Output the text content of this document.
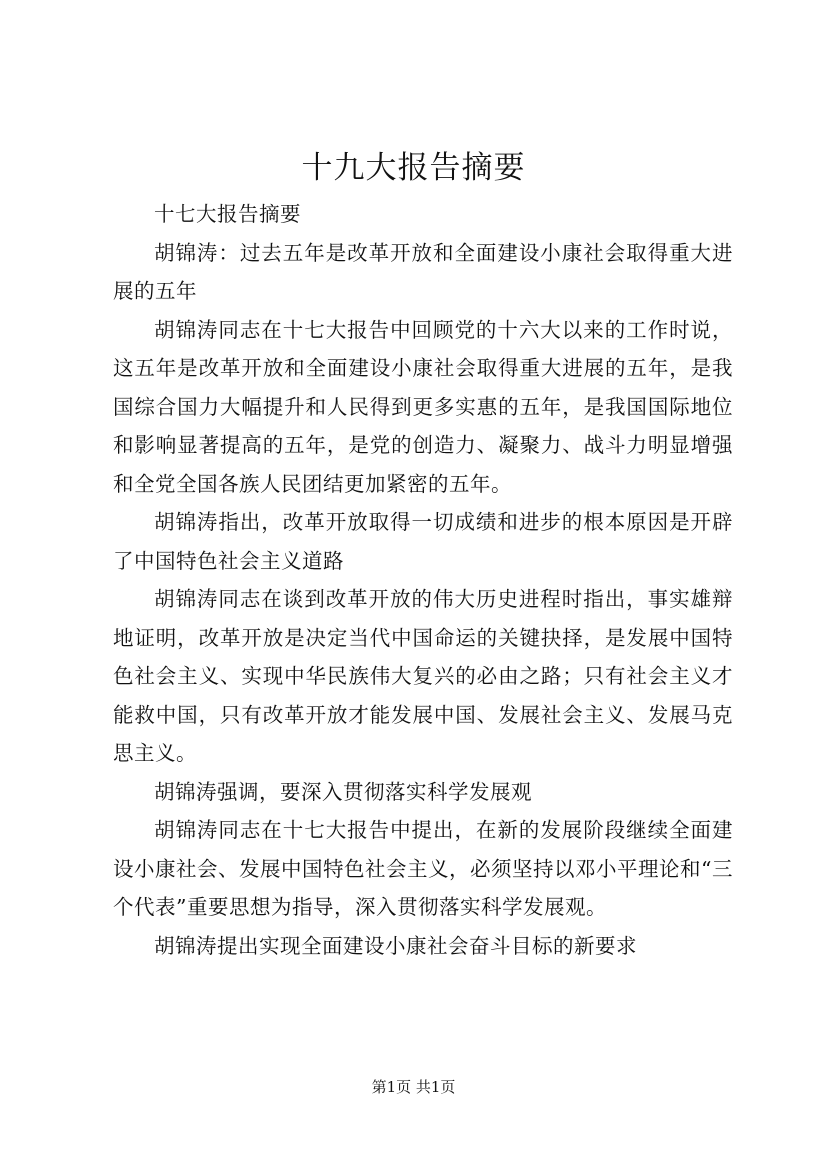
十九大报告摘要

十七大报告摘要

胡锦涛：过去五年是改革开放和全面建设小康社会取得重大进展的五年

胡锦涛同志在十七大报告中回顾党的十六大以来的工作时说，这五年是改革开放和全面建设小康社会取得重大进展的五年，是我国综合国力大幅提升和人民得到更多实惠的五年，是我国国际地位和影响显著提高的五年，是党的创造力、凝聚力、战斗力明显增强和全党全国各族人民团结更加紧密的五年。

胡锦涛指出，改革开放取得一切成绩和进步的根本原因是开辟了中国特色社会主义道路

胡锦涛同志在谈到改革开放的伟大历史进程时指出，事实雄辩地证明，改革开放是决定当代中国命运的关键抉择，是发展中国特色社会主义、实现中华民族伟大复兴的必由之路；只有社会主义才能救中国，只有改革开放才能发展中国、发展社会主义、发展马克思主义。

胡锦涛强调，要深入贯彻落实科学发展观

胡锦涛同志在十七大报告中提出，在新的发展阶段继续全面建设小康社会、发展中国特色社会主义，必须坚持以邓小平理论和“三个代表”重要思想为指导，深入贯彻落实科学发展观。

胡锦涛提出实现全面建设小康社会奋斗目标的新要求

第1页 共1页
